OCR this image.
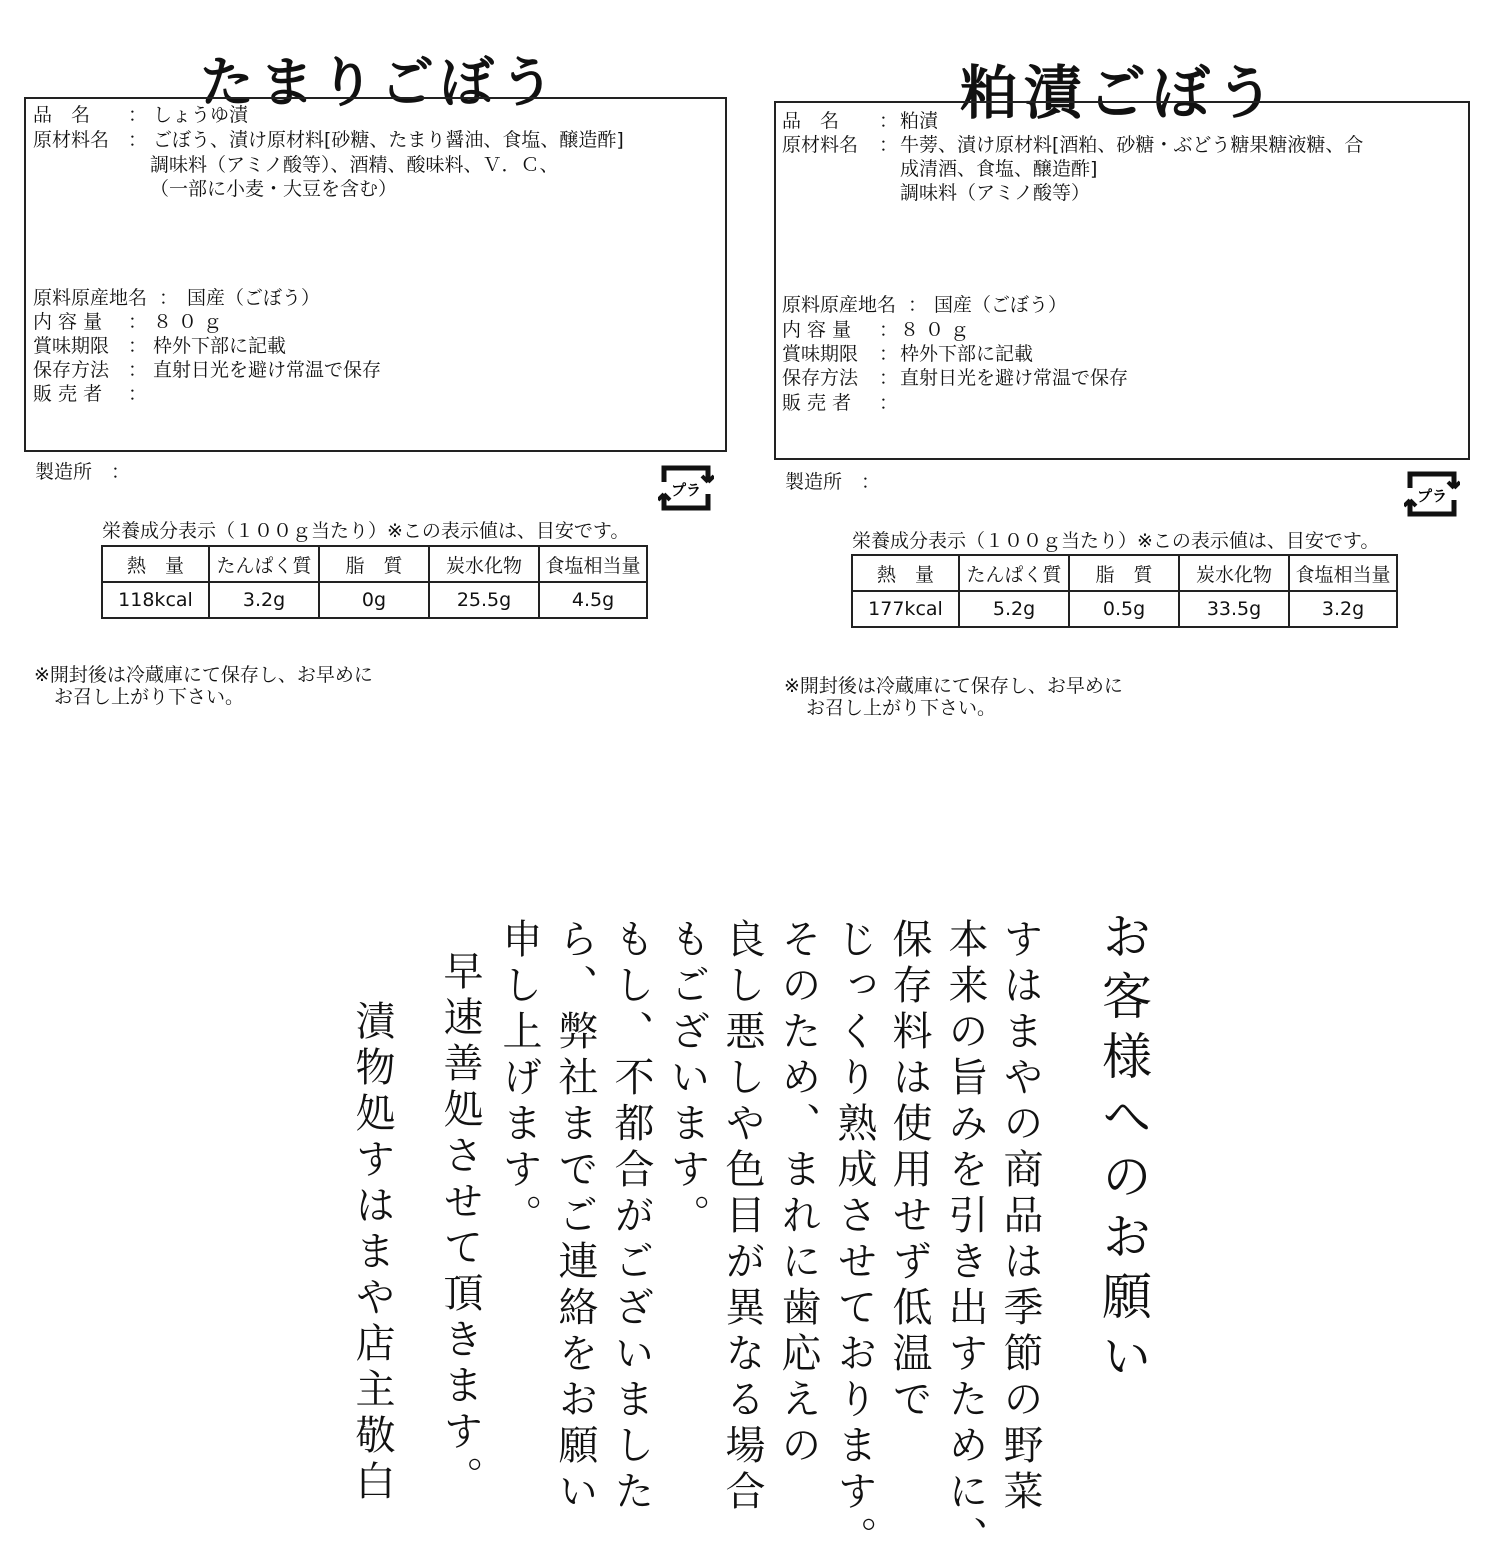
たまりごぼう
品　名 ： しょうゆ漬
原材料名 ： ごぼう、漬け原材料[砂糖、たまり醤油、食塩、醸造酢]
調味料（アミノ酸等）、酒精、酸味料、Ｖ．Ｃ、
（一部に小麦・大豆を含む）
原料原産地名 ： 国産（ごぼう）
内 容 量 ： ８０ｇ
賞味期限 ： 枠外下部に記載
保存方法 ： 直射日光を避け常温で保存
販 売 者 ：
製造所　：
プラ
栄養成分表示（１００ｇ当たり）※この表示値は、目安です。
熱　量	たんぱく質	脂　質	炭水化物	食塩相当量
118kcal	3.2g	0g	25.5g	4.5g
※開封後は冷蔵庫にて保存し、お早めに
お召し上がり下さい。
粕漬ごぼう
品　名 ： 粕漬
原材料名 ： 牛蒡、漬け原材料[酒粕、砂糖・ぶどう糖果糖液糖、合
成清酒、食塩、醸造酢]
調味料（アミノ酸等）
原料原産地名 ： 国産（ごぼう）
内 容 量 ： ８０ｇ
賞味期限 ： 枠外下部に記載
保存方法 ： 直射日光を避け常温で保存
販 売 者 ：
製造所　：
プラ
栄養成分表示（１００ｇ当たり）※この表示値は、目安です。
熱　量	たんぱく質	脂　質	炭水化物	食塩相当量
177kcal	5.2g	0.5g	33.5g	3.2g
※開封後は冷蔵庫にて保存し、お早めに
お召し上がり下さい。
お客様へのお願い
すはまやの商品は季節の野菜
本来の旨みを引き出すために、
保存料は使用せず低温で
じっくり熟成させております。
そのため、まれに歯応えの
良し悪しや色目が異なる場合
もございます。
もし、不都合がございました
ら、弊社までご連絡をお願い
申し上げます。
早速善処させて頂きます。
漬物処すはまや店主敬白
